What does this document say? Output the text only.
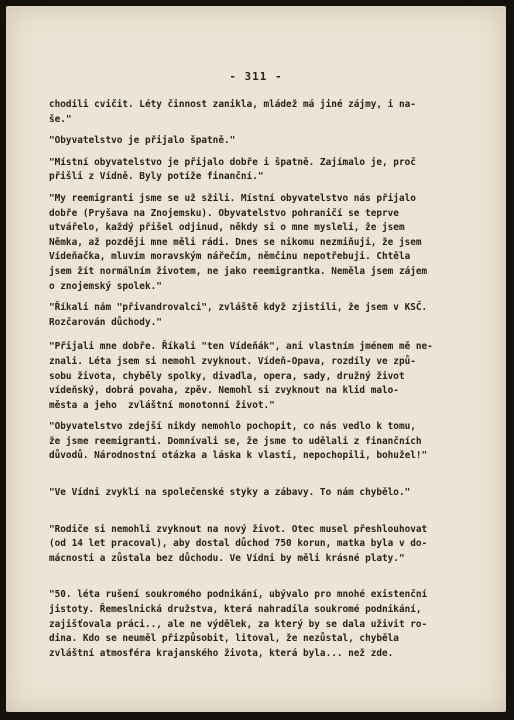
- 311 -

chodili cvičit. Léty činnost zanikla, mládež má jiné zájmy, i na-
še."

"Obyvatelstvo je přijalo špatně."

"Místní obyvatelstvo je přijalo dobře i špatně. Zajímalo je, proč
přišli z Vídně. Byly potíže finanční."

"My reemigranti jsme se už sžili. Místní obyvatelstvo nás přijalo
dobře (Pryšava na Znojemsku). Obyvatelstvo pohraničí se teprve
utvářelo, každý přišel odjinud, někdy si o mne mysleli, že jsem
Němka, až později mne měli rádi. Dnes se nikomu nezmiňuji, že jsem
Vídeňačka, mluvím moravským nářečím, němčinu nepotřebuji. Chtěla
jsem žít normálním životem, ne jako reemigrantka. Neměla jsem zájem
o znojemský spolek."

"Říkali nám "přivandrovalci", zvláště když zjistili, že jsem v KSČ.
Rozčarován důchody."

"Přijali mne dobře. Říkali "ten Vídeňák", ani vlastním jménem mě ne-
znali. Léta jsem si nemohl zvyknout. Vídeň-Opava, rozdíly ve způ-
sobu života, chyběly spolky, divadla, opera, sady, družný život
vídeňský, dobrá povaha, zpěv. Nemohl si zvyknout na klid malo-
města a jeho  zvláštní monotonní život."

"Obyvatelstvo zdejší nikdy nemohlo pochopit, co nás vedlo k tomu,
že jsme reemigranti. Domnívali se, že jsme to udělali z finančních
důvodů. Národnostní otázka a láska k vlasti, nepochopili, bohužel!"

"Ve Vídni zvyklí na společenské styky a zábavy. To nám chybělo."

"Rodiče si nemohli zvyknout na nový život. Otec musel přeshlouhovat
(od 14 let pracoval), aby dostal důchod 750 korun, matka byla v do-
mácnosti a zůstala bez důchodu. Ve Vídni by měli krásné platy."

"50. léta rušení soukromého podnikání, ubývalo pro mnohé existenční
jistoty. Řemeslnická družstva, která nahradila soukromé podnikání,
zajišťovala práci.., ale ne výdělek, za který by se dala uživit ro-
dina. Kdo se neuměl přizpůsobit, litoval, že nezůstal, chyběla
zvláštní atmosféra krajanského života, která byla... než zde.
